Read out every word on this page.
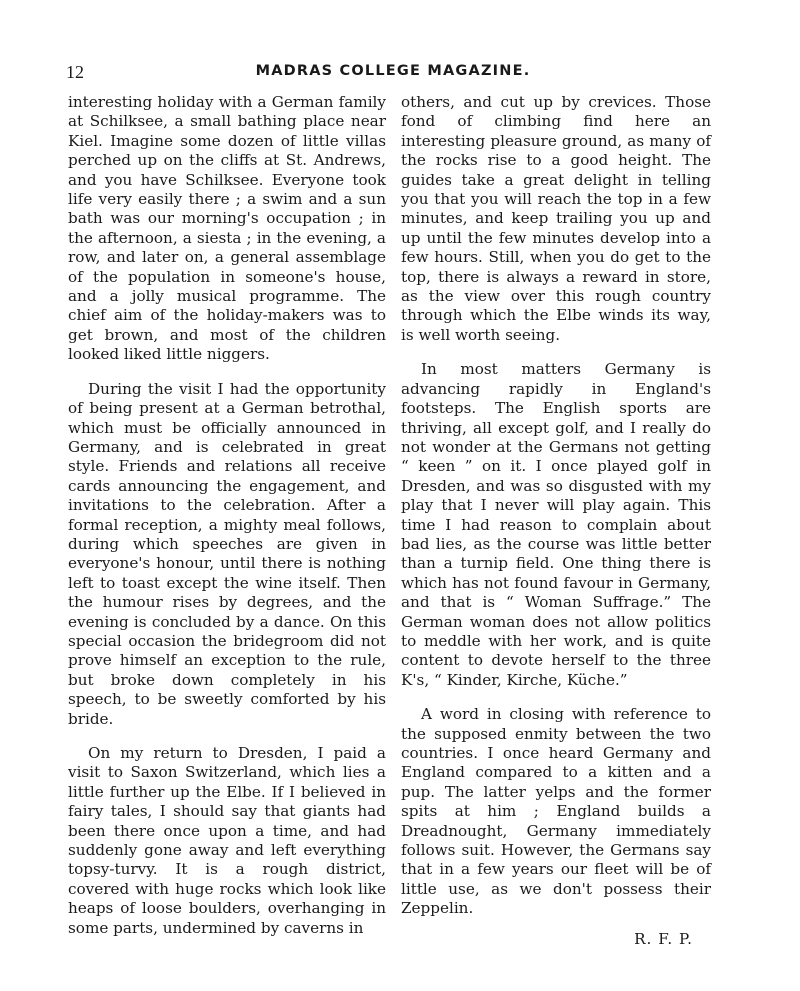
12	MADRAS COLLEGE MAGAZINE.

interesting holiday with a German family at Schilksee, a small bathing place near Kiel. Imagine some dozen of little villas perched up on the cliffs at St. Andrews, and you have Schilksee. Everyone took life very easily there ; a swim and a sun bath was our morning's occupation ; in the afternoon, a siesta ; in the evening, a row, and later on, a general assemblage of the population in someone's house, and a jolly musical programme. The chief aim of the holiday-makers was to get brown, and most of the children looked liked little niggers.

During the visit I had the opportunity of being present at a German betrothal, which must be officially announced in Germany, and is celebrated in great style. Friends and relations all receive cards announcing the engagement, and invitations to the celebration. After a formal reception, a mighty meal follows, during which speeches are given in everyone's honour, until there is nothing left to toast except the wine itself. Then the humour rises by degrees, and the evening is concluded by a dance. On this special occasion the bridegroom did not prove himself an exception to the rule, but broke down completely in his speech, to be sweetly comforted by his bride.

On my return to Dresden, I paid a visit to Saxon Switzerland, which lies a little further up the Elbe. If I believed in fairy tales, I should say that giants had been there once upon a time, and had suddenly gone away and left everything topsy-turvy. It is a rough district, covered with huge rocks which look like heaps of loose boulders, overhanging in some parts, undermined by caverns in

others, and cut up by crevices. Those fond of climbing find here an interesting pleasure ground, as many of the rocks rise to a good height. The guides take a great delight in telling you that you will reach the top in a few minutes, and keep trailing you up and up until the few minutes develop into a few hours. Still, when you do get to the top, there is always a reward in store, as the view over this rough country through which the Elbe winds its way, is well worth seeing.

In most matters Germany is advancing rapidly in England's footsteps. The English sports are thriving, all except golf, and I really do not wonder at the Germans not getting “ keen ” on it. I once played golf in Dresden, and was so disgusted with my play that I never will play again. This time I had reason to complain about bad lies, as the course was little better than a turnip field. One thing there is which has not found favour in Germany, and that is “ Woman Suffrage.” The German woman does not allow politics to meddle with her work, and is quite content to devote herself to the three K's, “ Kinder, Kirche, Küche.”

A word in closing with reference to the supposed enmity between the two countries. I once heard Germany and England compared to a kitten and a pup. The latter yelps and the former spits at him ; England builds a Dreadnought, Germany immediately follows suit. However, the Germans say that in a few years our fleet will be of little use, as we don't possess their Zeppelin.

R. F. P.
